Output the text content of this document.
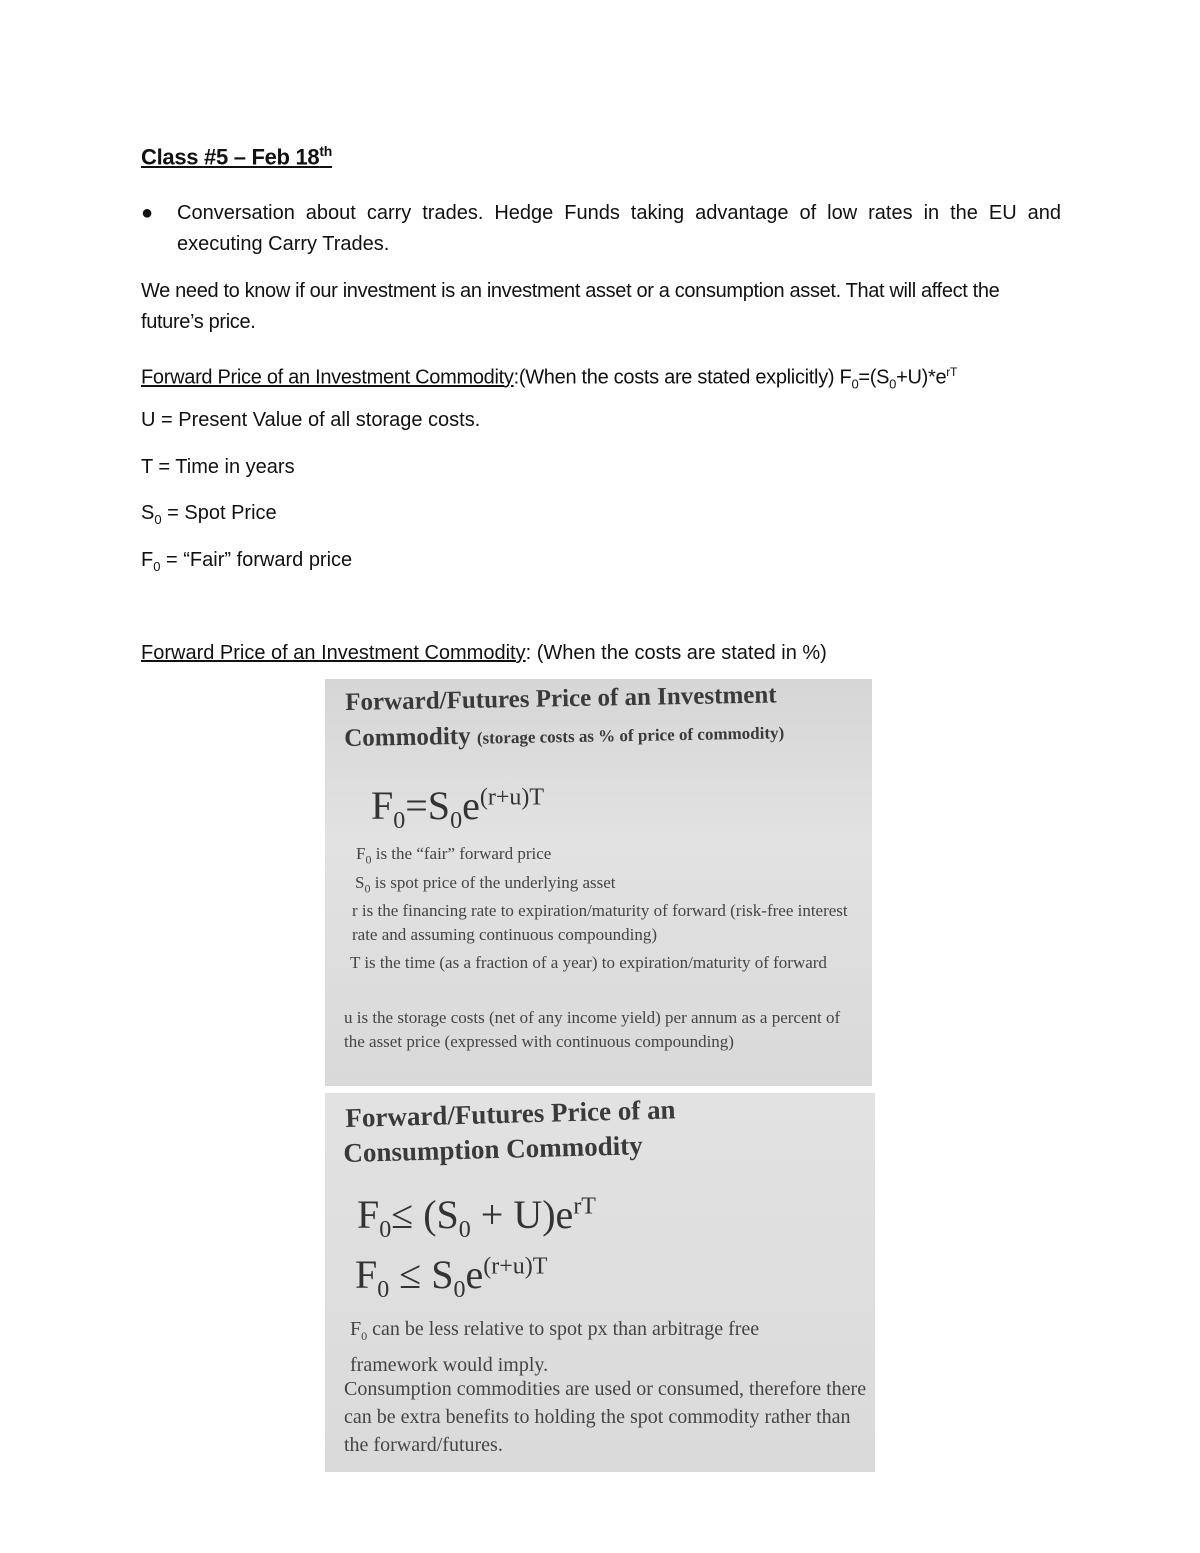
Class #5 – Feb 18th
● Conversation about carry trades. Hedge Funds taking advantage of low rates in the EU and executing Carry Trades.
We need to know if our investment is an investment asset or a consumption asset. That will affect the future’s price.
Forward Price of an Investment Commodity:(When the costs are stated explicitly) $F_0=(S_0+U)*e^{rT}$
U = Present Value of all storage costs.
T = Time in years
$S_0$ = Spot Price
$F_0$ = “Fair” forward price
Forward Price of an Investment Commodity: (When the costs are stated in %)
Forward/Futures Price of an Investment
Commodity (storage costs as % of price of commodity)
$F_0=S_0e^{(r+u)T}$
$F_0$ is the “fair” forward price
$S_0$ is spot price of the underlying asset
r is the financing rate to expiration/maturity of forward (risk-free interest rate and assuming continuous compounding)
T is the time (as a fraction of a year) to expiration/maturity of forward
u is the storage costs (net of any income yield) per annum as a percent of the asset price (expressed with continuous compounding)
Forward/Futures Price of an
Consumption Commodity
$F_0\le (S_0 + U)e^{rT}$
$F_0 \le S_0e^{(r+u)T}$
$F_0$ can be less relative to spot px than arbitrage free framework would imply.
Consumption commodities are used or consumed, therefore there can be extra benefits to holding the spot commodity rather than the forward/futures.
